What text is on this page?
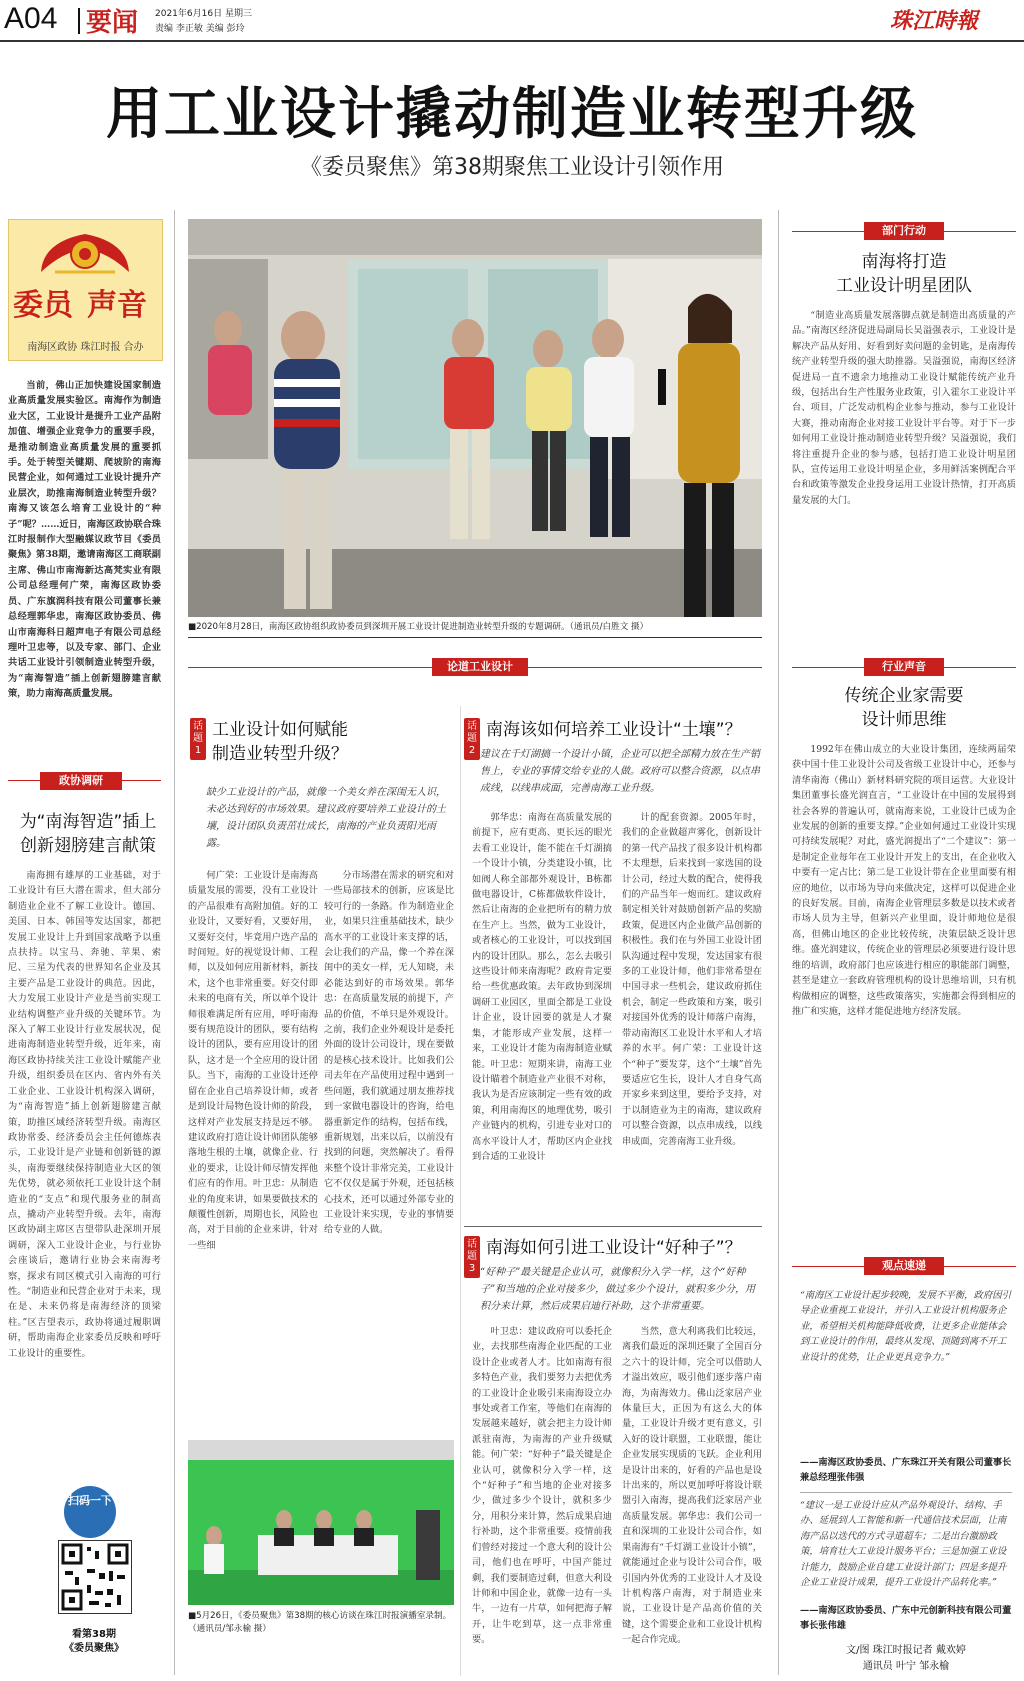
A04 要闻 2021年6月16日 星期三
责编 李正敏 美编 彭玲	珠江時報
用工业设计撬动制造业转型升级
《委员聚焦》第38期聚焦工业设计引领作用
委员 声音
南海区政协 珠江时报 合办

当前，佛山正加快建设国家制造业高质量发展实验区。南海作为制造业大区，工业设计是提升工业产品附加值、增强企业竞争力的重要手段，是推动制造业高质量发展的重要抓手。处于转型关键期、爬坡阶的南海民营企业，如何通过工业设计提升产业层次，助推南海制造业转型升级？南海又该怎么培育工业设计的“种子”呢？……近日，南海区政协联合珠江时报制作大型融媒议政节目《委员聚焦》第38期，邀请南海区工商联副主席、佛山市南海新达高梵实业有限公司总经理何广荣，南海区政协委员、广东旗润科技有限公司董事长兼总经理郭华忠，南海区政协委员、佛山市南海科日超声电子有限公司总经理叶卫忠等，以及专家、部门、企业共话工业设计引领制造业转型升级，为“南海智造”插上创新翅膀建言献策，助力南海高质量发展。

政协调研
为“南海智造”插上
创新翅膀建言献策

南海拥有雄厚的工业基础，对于工业设计有巨大潜在需求，但大部分制造业企业不了解工业设计。德国、美国、日本、韩国等发达国家，都把发展工业设计上升到国家战略予以重点扶持。以宝马、奔驰、苹果、索尼、三星为代表的世界知名企业及其主要产品是工业设计的典范。因此，大力发展工业设计产业是当前实现工业结构调整产业升级的关键环节。为深入了解工业设计行业发展状况，促进南海制造业转型升级，近年来，南海区政协持续关注工业设计赋能产业升级，组织委员在区内、省内外有关工业企业、工业设计机构深入调研，为“南海智造”插上创新翅膀建言献策，助推区域经济转型升级。南海区政协常委、经济委员会主任何德炼表示，工业设计是产业链和创新链的源头，南海要继续保持制造业大区的领先优势，就必须依托工业设计这个制造业的“支点”和现代服务业的制高点，撬动产业转型升级。去年，南海区政协副主席区吉望带队赴深圳开展调研，深入工业设计企业，与行业协会座谈后，邀请行业协会来南海考察，探求有同区模式引入南海的可行性。“制造业和民营企业对于未来，现在是、未来仍将是南海经济的顶梁柱。”区吉望表示，政协将通过履职调研，帮助南海企业家委员反映和呼吁工业设计的重要性。

扫码一下
看第38期
《委员聚焦》
■2020年8月28日，南海区政协组织政协委员到深圳开展工业设计促进制造业转型升级的专题调研。（通讯员/白胜文 摄）
论道工业设计
话题1
工业设计如何赋能
制造业转型升级？
缺少工业设计的产品，就像一个美女养在深闺无人识，未必达到好的市场效果。建议政府要培养工业设计的土壤，设计团队负责茁壮成长，南海的产业负责阳光雨露。

何广荣：工业设计是南海高质量发展的需要，没有工业设计的产品很难有高附加值。好的工业设计，又要好看，又要好用，又要好交付，毕竟用户选产品的时间短。好的视觉设计师、工程师，以及如何应用新材料，新技术，这个也非常重要。好交付即未来的电商有关，所以单个设计师很难满足所有应用，呼吁南海要有规范设计的团队，要有结构设计的团队，要有应用设计的团队，这才是一个全应用的设计团队。当下，南海的工业设计还停留在企业自己培养设计师，或者是到设计局物色设计师的阶段，这样对产业发展支持是远不够。建议政府打造让设计师团队能够落地生根的土壤，就像企业、行业的要求，让设计师尽情发挥他们应有的作用。叶卫忠：从制造业的角度来讲，如果要做技术的颠覆性创新，周期也长，风险也高，对于目前的企业来讲，针对一些细

分市场潜在需求的研究和对一些局部技术的创新，应该是比较可行的一条路。作为制造业企业，如果只注重基础技术，缺少高水平的工业设计来支撑的话，会让我们的产品，像一个养在深闺中的美女一样，无人知晓，未必能达到好的市场效果。郭华忠：在高质量发展的前提下，产品的价值，不单只是外观设计。之前，我们企业外观设计是委托外面的设计公司设计，现在要做的是核心技术设计。比如我们公司去年在产品使用过程中遇到一些问题，我们就通过朋友推荐找到一家做电器设计的咨询，给电器重新定作的结构，包括布线，重新规划，出来以后，以前没有找到的问题，突然解决了。看得来整个设计非常完美，工业设计它不仅仅是属于外观，还包括核心技术，还可以通过外部专业的工业设计来实现，专业的事情要给专业的人做。

■5月26日，《委员聚焦》第38期的核心访谈在珠江时报演播室录制。（通讯员/邹永榆 摄）
话题2
南海该如何培养工业设计“土壤”？
建议在千灯湖搞一个设计小镇，企业可以把全部精力放在生产销售上，专业的事情交给专业的人做。政府可以整合资源，以点串成线，以线串成面，完善南海工业升级。

郭华忠：南海在高质量发展的前提下，应有更高、更长远的眼光去看工业设计，能不能在千灯湖搞一个设计小镇，分类建设小镇，比如阀人称全部都外观设计，B栋都做电器设计，C栋都做软件设计，然后让南海的企业把所有的精力放在生产上。当然，做为工业设计，或者核心的工业设计，可以找到国内的设计团队。那么，怎么去吸引这些设计师来南海呢？政府肯定要给一些优惠政策。去年政协到深圳调研工业园区，里面全都是工业设计企业，设计园要的就是人才聚集，才能形成产业发展，这样一来，工业设计才能为南海制造业赋能。叶卫忠：短期来讲，南海工业设计瞄着个制造业产业很不对称，我认为是否应该制定一些有效的政策，利用南海区的地理优势，吸引产业链内的机构，引进专业对口的高水平设计人才，帮助区内企业找到合适的工业设计

计的配套资源。2005年时，我们的企业做超声雾化，创新设计的第一代产品找了很多设计机构都不太理想，后来找到一家选国的设计公司，经过大数的配合，使得我们的产品当年一炮而红。建议政府制定相关针对鼓励创新产品的奖励政策，促进区内企业做产品创新的积极性。我们在与外国工业设计团队沟通过程中发现，发达国家有很多的工业设计师，他们非常希望在中国寻求一些机会，建议政府抓住机会，制定一些政策和方案，吸引对接国外优秀的设计师落户南海，带动南海区工业设计水平和人才培养的水平。何广荣：工业设计这个“种子”要发芽，这个“土壤”首先要适应它生长，设计人才自身气高开家乡来到这里，要给予支持，对于以制造业为主的南海，建议政府可以整合资源，以点串成线，以线串成面，完善南海工业升级。

话题3
南海如何引进工业设计“好种子”？
“好种子”最关键是企业认可，就像积分入学一样，这个“好种子”和当地的企业对接多少，做过多少个设计，就积多少分，用积分来计算，然后成果启迪行补助，这个非常重要。

叶卫忠：建议政府可以委托企业，去找那些南海企业匹配的工业设计企业或者人才。比如南海有很多特色产业，我们要努力去把优秀的工业设计企业吸引来南海设立办事处或者工作室，等他们在南海的发展越来越好，就会把主力设计师派驻南海，为南海的产业升级赋能。何广荣：“好种子”最关键是企业认可，就像积分入学一样，这个“好种子”和当地的企业对接多少，做过多少个设计，就积多少分，用积分来计算，然后成果启迪行补助，这个非常重要。疫情前我们曾经对接过一个意大利的设计公司，他们也在呼吁，中国产能过剩，我们要制造过剩，但意大利设计师和中国企业，就像一边有一头牛，一边有一片草，如何把海子解开，让牛吃到草，这一点非常重要。

当然，意大利离我们比较远，离我们最近的深圳还聚了全国百分之六十的设计师，完全可以借助人才溢出效应，吸引他们逐步落户南海，为南海效力。佛山泛家居产业体量巨大，正因为有这么大的体量，工业设计升级才更有意义，引入好的设计联盟，工业联盟，能让企业发展实现质的飞跃。企业利用是设计出来的，好看的产品也是设计出来的，所以更加呼吁将设计联盟引入南海，提高我们泛家居产业高质量发展。郭华忠：我们公司一直和深圳的工业设计公司合作，如果南海有“千灯湖工业设计小镇”，就能通过企业与设计公司合作，吸引国内外优秀的工业设计人才及设计机构落户南海，对于制造业来说，工业设计是产品高价值的关键，这个需要企业和工业设计机构一起合作完成。

部门行动
南海将打造
工业设计明星团队

“制造业高质量发展落脚点就是制造出高质量的产品。”南海区经济促进局副局长吴溢强表示，工业设计是解决产品从好用、好看到好卖问题的金钥匙，是南海传统产业转型升级的强大助推器。吴溢强说，南海区经济促进局一直不遗余力地推动工业设计赋能传统产业升级，包括出台生产性服务业政策，引入霍尔工业设计平台、项目，广泛发动机构企业参与推动，参与工业设计大赛，推动南海企业对接工业设计平台等。对于下一步如何用工业设计推动制造业转型升级？吴溢强说，我们将注重提升企业的参与感，包括打造工业设计明星团队，宣传运用工业设计明星企业，多用鲜活案例配合平台和政策等激发企业投身运用工业设计热情，打开高质量发展的大门。

行业声音
传统企业家需要
设计师思维

1992年在佛山成立的大业设计集团，连续两届荣获中国十佳工业设计公司及省级工业设计中心，还参与清华南海（佛山）新材料研究院的项目运营。大业设计集团董事长盛光润直言，“工业设计在中国的发展得到社会各界的普遍认可，就南海来说，工业设计已成为企业发展的创新的重要支撑。”企业如何通过工业设计实现可持续发展呢？对此，盛光润提出了“二个建议”：第一是制定企业每年在工业设计开发上的支出，在企业收入中要有一定占比；第二是工业设计带在企业里面要有相应的地位，以市场为导向来做决定，这样可以促进企业的良好发展。目前，南海企业管理层多数是以技术或者市场人员为主导，但新兴产业里面，设计师地位是很高，但佛山地区的企业比较传统，决策层缺乏设计思维。盛光润建议，传统企业的管理层必须要进行设计思维的培训，政府部门也应该进行相应的职能部门调整，甚至是建立一套政府管理机构的设计思维培训，只有机构做相应的调整，这些政策落实，实施都会得到相应的推广和实施，这样才能促进地方经济发展。

观点速递
“南海区工业设计起步较晚，发展不平衡，政府因引导企业重视工业设计，并引入工业设计机构服务企业，希望相关机构能降低收费，让更多企业能体会到工业设计的作用，最终从发现、顶随到离不开工业设计的优势，让企业更具竞争力。”
——南海区政协委员、广东珠江开关有限公司董事长兼总经理张伟强
“建议一是工业设计应从产品外观设计、结构、手办、延展到人工智能和新一代通信技术层面，让南海产品以迭代的方式寻道超车；二是出台激励政策，培育壮大工业设计服务平台；三是加强工业设计能力，鼓励企业自建工业设计部门；四是多提升企业工业设计成果，提升工业设计产品转化率。”
——南海区政协委员、广东中元创新科技有限公司董事长张伟雄
文/图 珠江时报记者 戴欢婷
通讯员 叶宁 邹永榆
